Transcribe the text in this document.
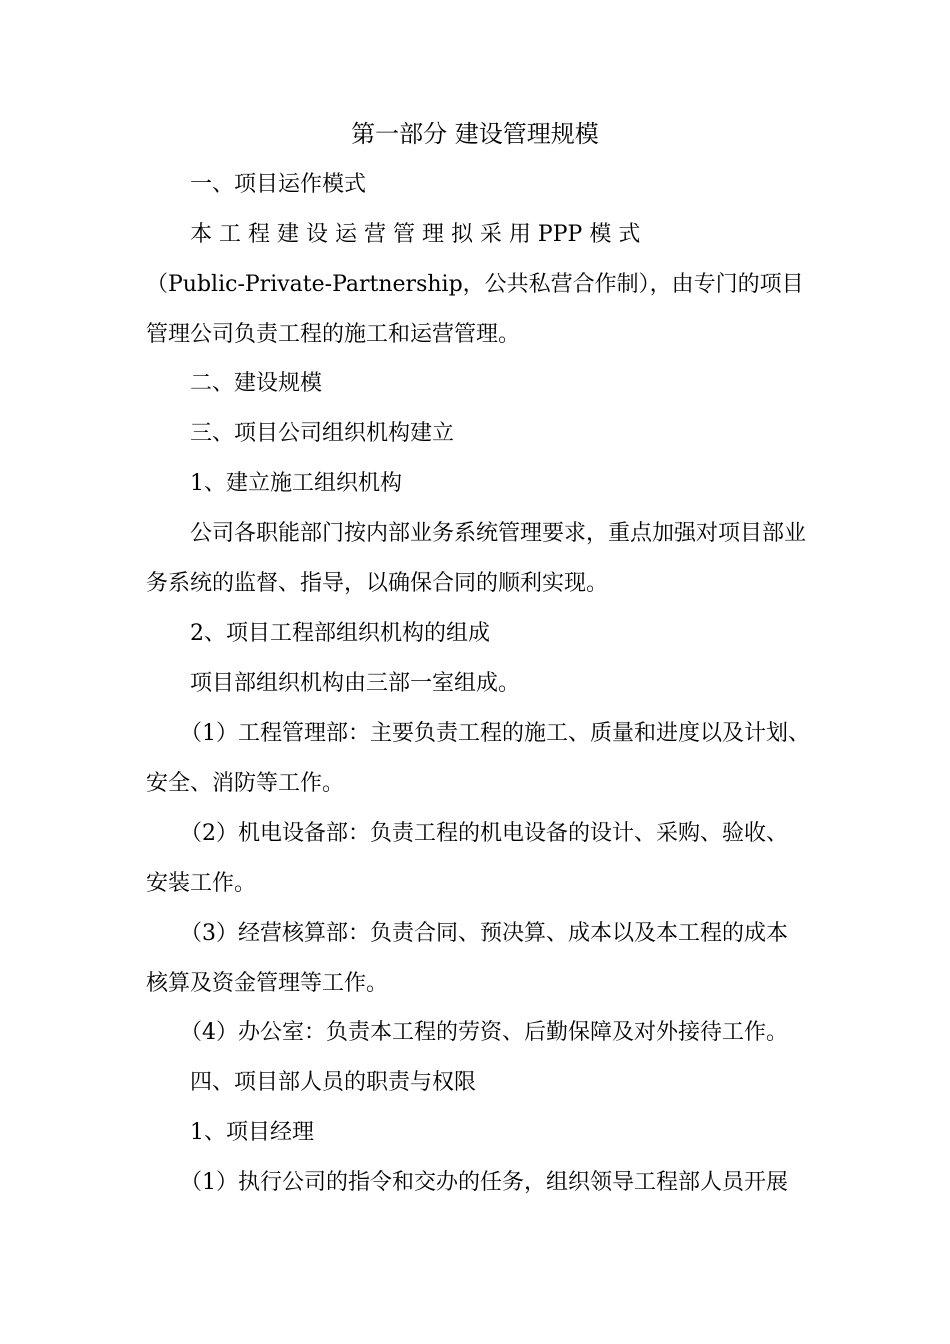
第一部分 建设管理规模
一、项目运作模式
本 工 程 建 设 运 营 管 理 拟 采 用 PPP 模 式
（Public-Private-Partnership，公共私营合作制），由专门的项目
管理公司负责工程的施工和运营管理。
二、建设规模
三、项目公司组织机构建立
1、建立施工组织机构
公司各职能部门按内部业务系统管理要求，重点加强对项目部业
务系统的监督、指导，以确保合同的顺利实现。
2、项目工程部组织机构的组成
项目部组织机构由三部一室组成。
（1）工程管理部：主要负责工程的施工、质量和进度以及计划、
安全、消防等工作。
（2）机电设备部：负责工程的机电设备的设计、采购、验收、
安装工作。
（3）经营核算部：负责合同、预决算、成本以及本工程的成本
核算及资金管理等工作。
（4）办公室：负责本工程的劳资、后勤保障及对外接待工作。
四、项目部人员的职责与权限
1、项目经理
（1）执行公司的指令和交办的任务，组织领导工程部人员开展
